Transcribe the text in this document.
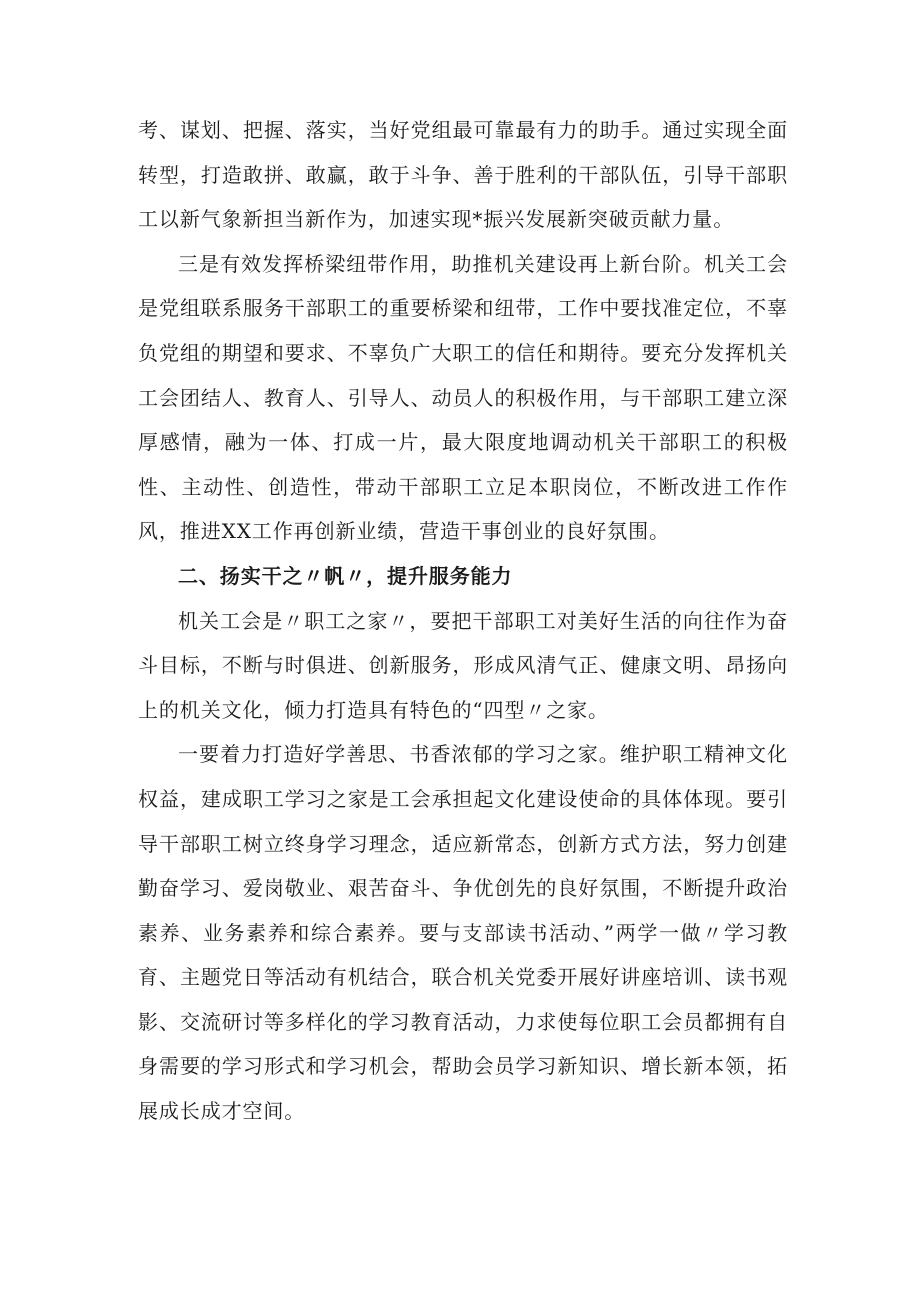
考、谋划、把握、落实，当好党组最可靠最有力的助手。通过实现全面转型，打造敢拼、敢赢，敢于斗争、善于胜利的干部队伍，引导干部职工以新气象新担当新作为，加速实现*振兴发展新突破贡献力量。

三是有效发挥桥梁纽带作用，助推机关建设再上新台阶。机关工会是党组联系服务干部职工的重要桥梁和纽带，工作中要找准定位，不辜负党组的期望和要求、不辜负广大职工的信任和期待。要充分发挥机关工会团结人、教育人、引导人、动员人的积极作用，与干部职工建立深厚感情，融为一体、打成一片，最大限度地调动机关干部职工的积极性、主动性、创造性，带动干部职工立足本职岗位，不断改进工作作风，推进XX工作再创新业绩，营造干事创业的良好氛围。

二、扬实干之〃帆〃，提升服务能力

机关工会是〃职工之家〃，要把干部职工对美好生活的向往作为奋斗目标，不断与时俱进、创新服务，形成风清气正、健康文明、昂扬向上的机关文化，倾力打造具有特色的“四型〃之家。

一要着力打造好学善思、书香浓郁的学习之家。维护职工精神文化权益，建成职工学习之家是工会承担起文化建设使命的具体体现。要引导干部职工树立终身学习理念，适应新常态，创新方式方法，努力创建勤奋学习、爱岗敬业、艰苦奋斗、争优创先的良好氛围，不断提升政治素养、业务素养和综合素养。要与支部读书活动、”两学一做〃学习教育、主题党日等活动有机结合，联合机关党委开展好讲座培训、读书观影、交流研讨等多样化的学习教育活动，力求使每位职工会员都拥有自身需要的学习形式和学习机会，帮助会员学习新知识、增长新本领，拓展成长成才空间。
